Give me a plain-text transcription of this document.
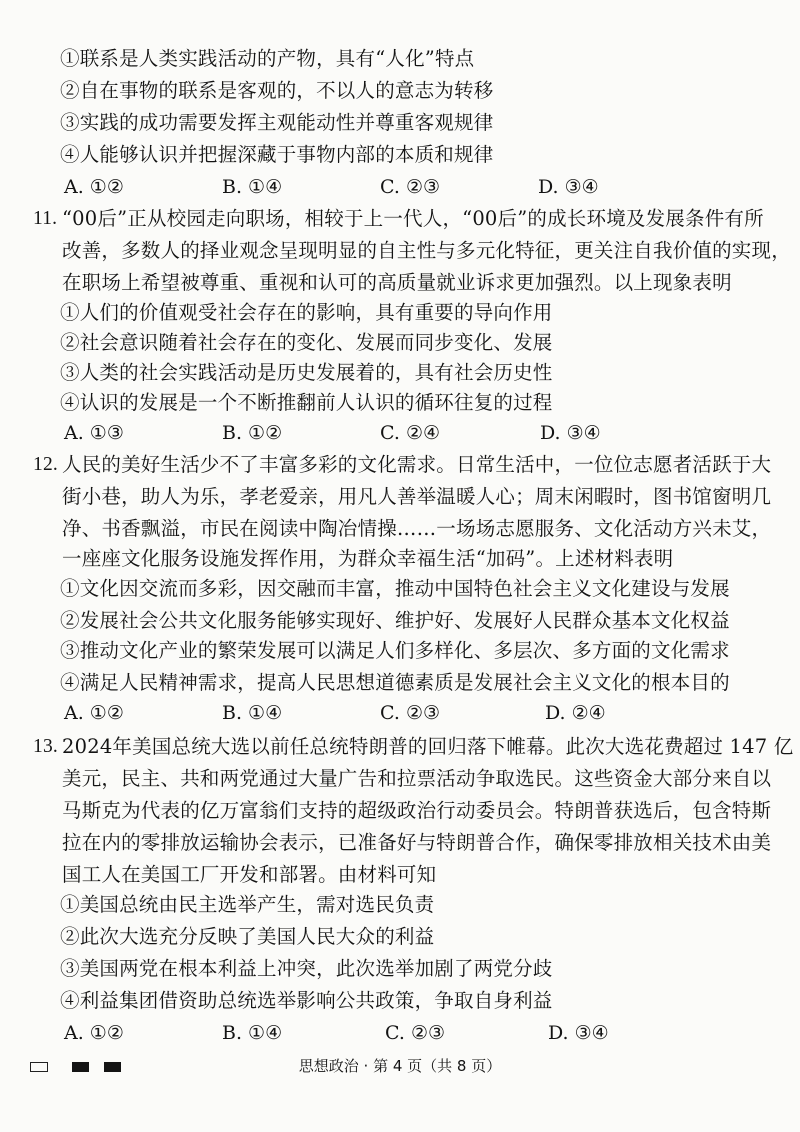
①联系是人类实践活动的产物，具有“人化”特点
②自在事物的联系是客观的，不以人的意志为转移
③实践的成功需要发挥主观能动性并尊重客观规律
④人能够认识并把握深藏于事物内部的本质和规律
A. ①②	B. ①④	C. ②③	D. ③④
11. “00后”正从校园走向职场，相较于上一代人，“00后”的成长环境及发展条件有所
改善，多数人的择业观念呈现明显的自主性与多元化特征，更关注自我价值的实现，
在职场上希望被尊重、重视和认可的高质量就业诉求更加强烈。以上现象表明
①人们的价值观受社会存在的影响，具有重要的导向作用
②社会意识随着社会存在的变化、发展而同步变化、发展
③人类的社会实践活动是历史发展着的，具有社会历史性
④认识的发展是一个不断推翻前人认识的循环往复的过程
A. ①③	B. ①②	C. ②④	D. ③④
12. 人民的美好生活少不了丰富多彩的文化需求。日常生活中，一位位志愿者活跃于大
街小巷，助人为乐，孝老爱亲，用凡人善举温暖人心；周末闲暇时，图书馆窗明几
净、书香飘溢，市民在阅读中陶冶情操……一场场志愿服务、文化活动方兴未艾，
一座座文化服务设施发挥作用，为群众幸福生活“加码”。上述材料表明
①文化因交流而多彩，因交融而丰富，推动中国特色社会主义文化建设与发展
②发展社会公共文化服务能够实现好、维护好、发展好人民群众基本文化权益
③推动文化产业的繁荣发展可以满足人们多样化、多层次、多方面的文化需求
④满足人民精神需求，提高人民思想道德素质是发展社会主义文化的根本目的
A. ①②	B. ①④	C. ②③	D. ②④
13. 2024年美国总统大选以前任总统特朗普的回归落下帷幕。此次大选花费超过 147 亿
美元，民主、共和两党通过大量广告和拉票活动争取选民。这些资金大部分来自以
马斯克为代表的亿万富翁们支持的超级政治行动委员会。特朗普获选后，包含特斯
拉在内的零排放运输协会表示，已准备好与特朗普合作，确保零排放相关技术由美
国工人在美国工厂开发和部署。由材料可知
①美国总统由民主选举产生，需对选民负责
②此次大选充分反映了美国人民大众的利益
③美国两党在根本利益上冲突，此次选举加剧了两党分歧
④利益集团借资助总统选举影响公共政策，争取自身利益
A. ①②	B. ①④	C. ②③	D. ③④
思想政治 · 第 4 页（共 8 页）
